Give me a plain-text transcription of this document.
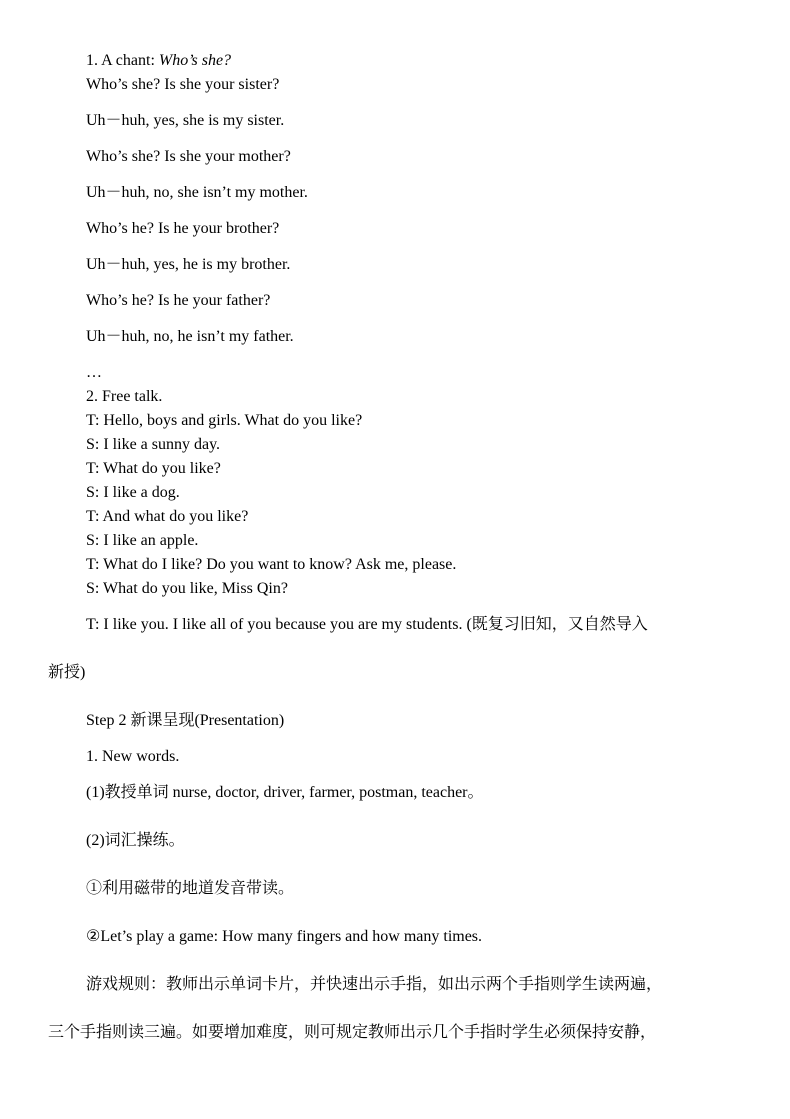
1. A chant: Who’s she?

Who’s she? Is she your sister?

Uh－huh, yes, she is my sister.

Who’s she? Is she your mother?

Uh－huh, no, she isn’t my mother.

Who’s he? Is he your brother?

Uh－huh, yes, he is my brother.

Who’s he? Is he your father?

Uh－huh, no, he isn’t my father.

…

2. Free talk.

T: Hello, boys and girls. What do you like?

S: I like a sunny day.

T: What do you like?

S: I like a dog.

T: And what do you like?

S: I like an apple.

T: What do I like? Do you want to know? Ask me, please.

S: What do you like, Miss Qin?

T: I like you. I like all of you because you are my students. (既复习旧知，又自然导入

新授)

Step 2 新课呈现(Presentation)

1. New words.

(1)教授单词 nurse, doctor, driver, farmer, postman, teacher。

(2)词汇操练。

①利用磁带的地道发音带读。

②Let’s play a game: How many fingers and how many times.

游戏规则：教师出示单词卡片，并快速出示手指，如出示两个手指则学生读两遍，

三个手指则读三遍。如要增加难度，则可规定教师出示几个手指时学生必须保持安静，
